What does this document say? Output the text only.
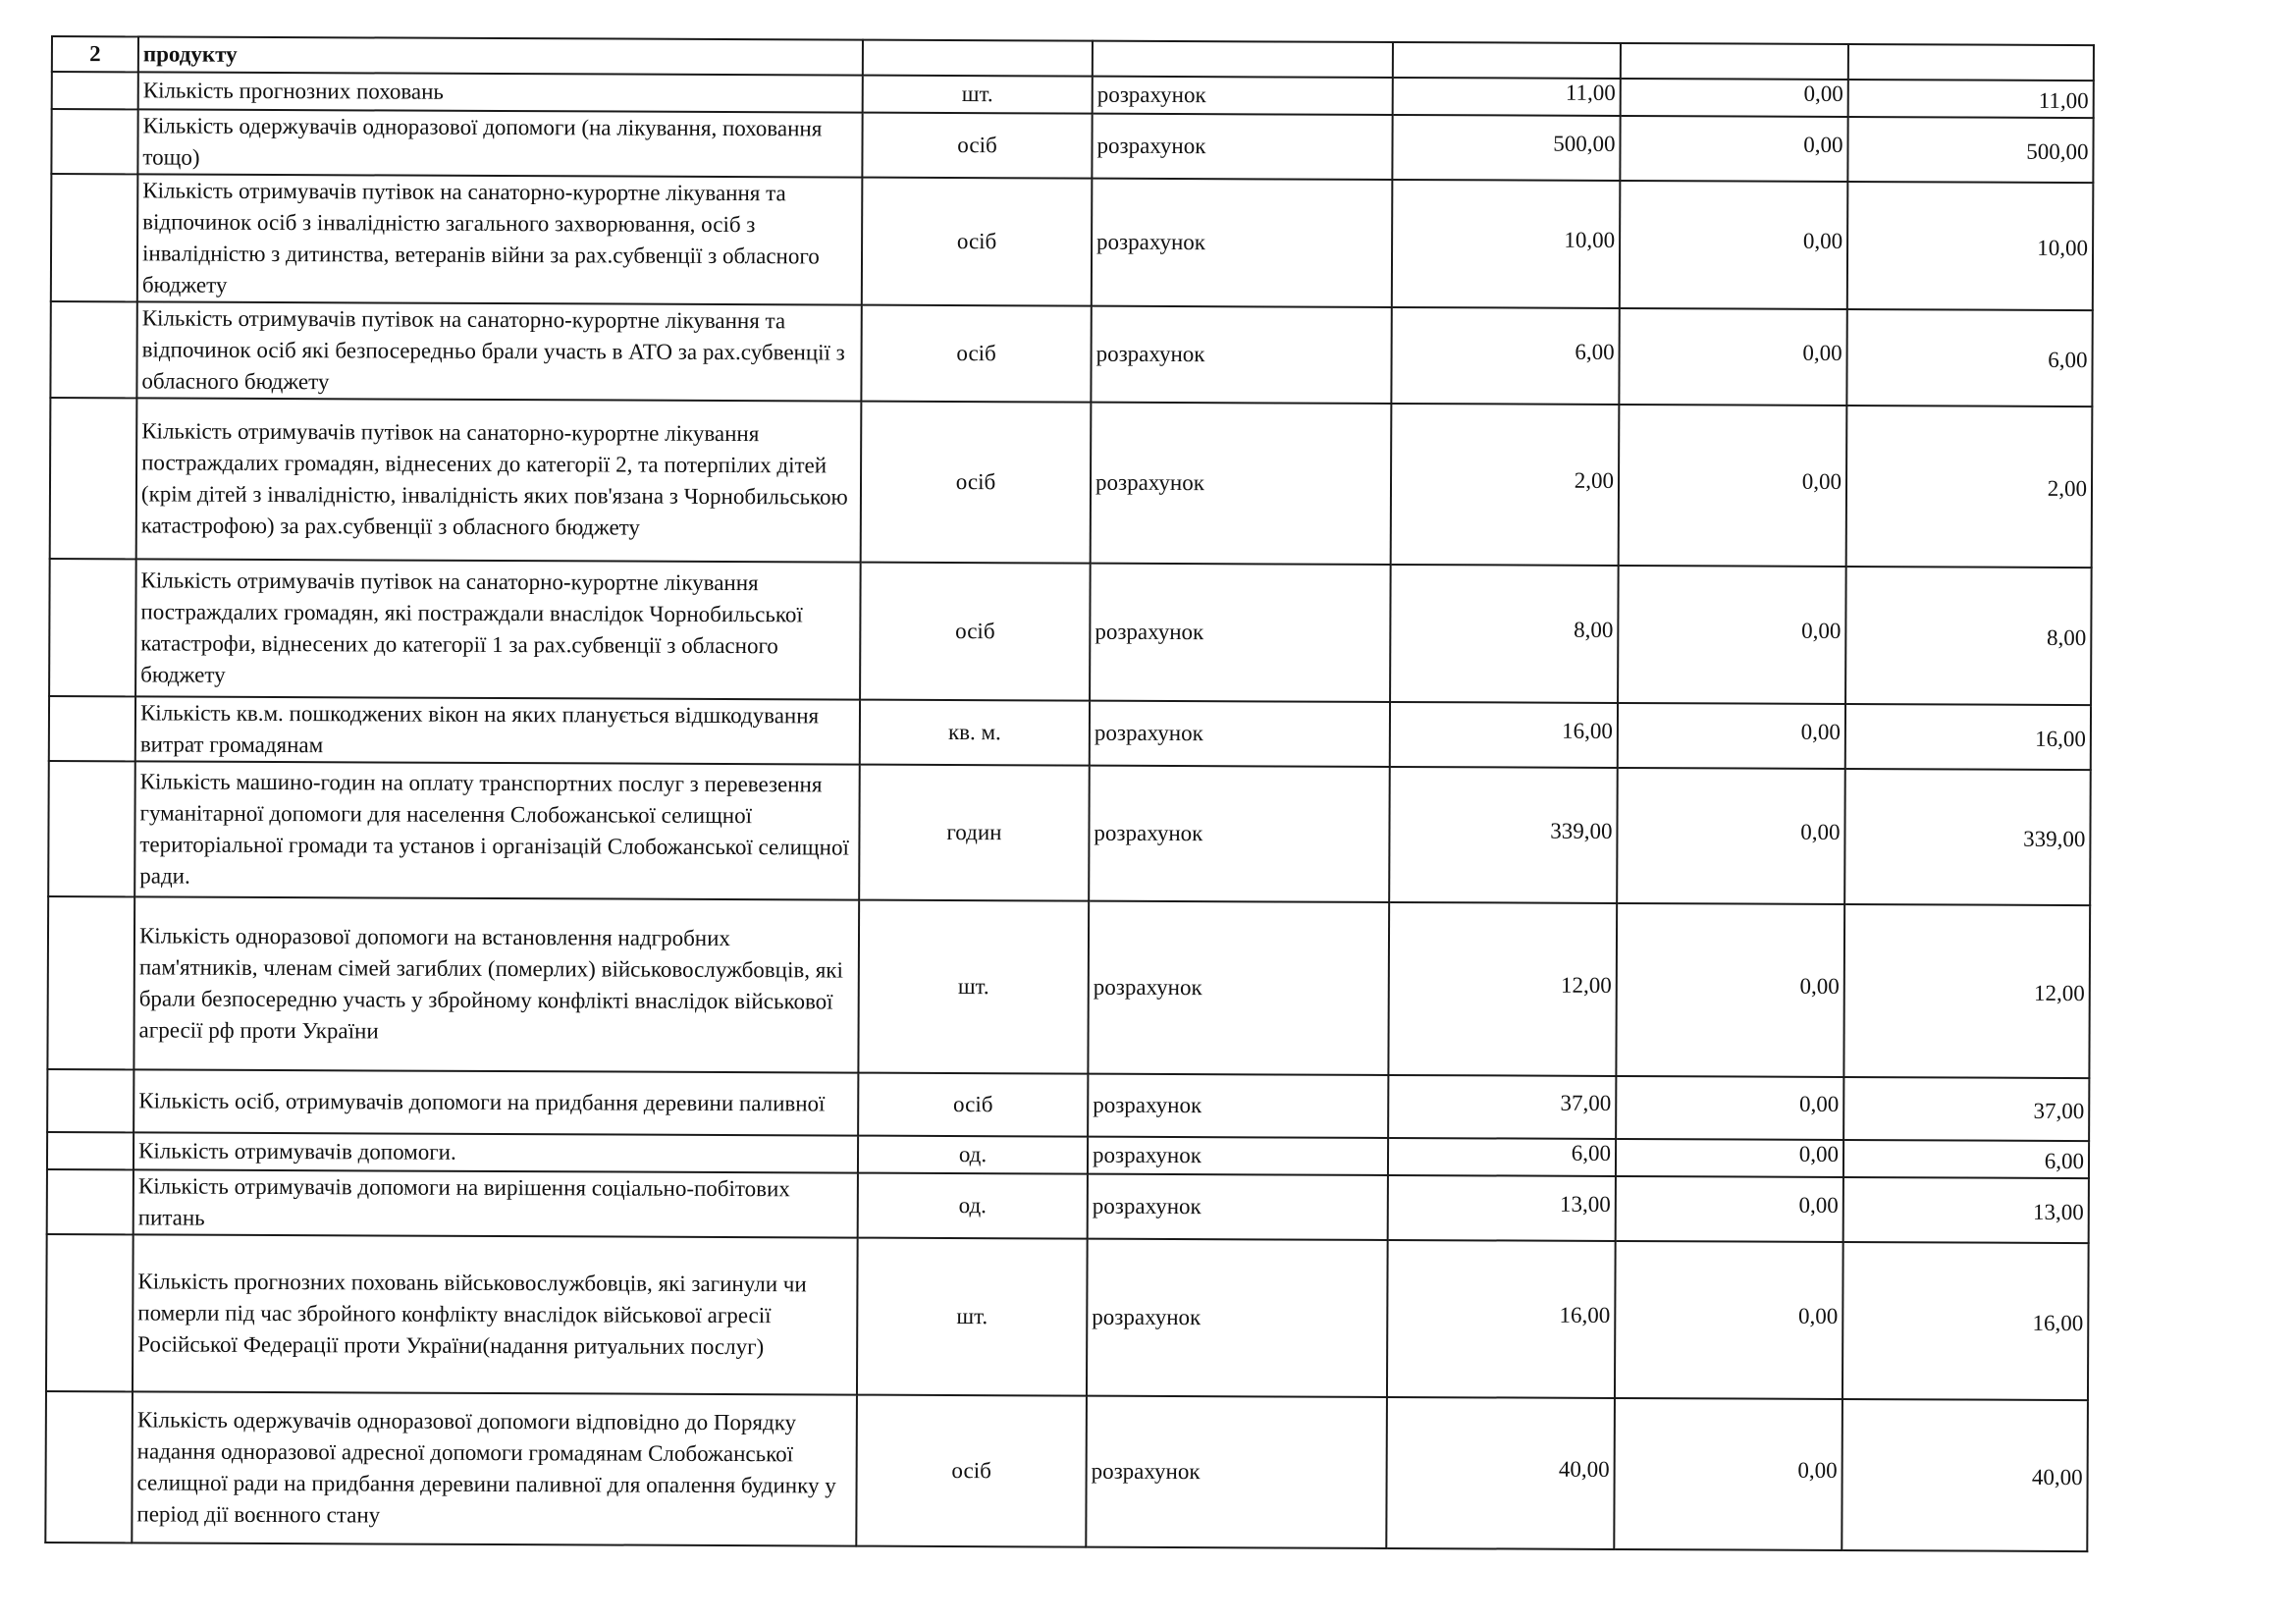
2	продукту					
	Кількість прогнозних поховань	шт.	розрахунок	11,00	0,00	11,00
	Кількість одержувачів одноразової допомоги (на лікування, поховання тощо)	осіб	розрахунок	500,00	0,00	500,00
	Кількість отримувачів путівок на санаторно-курортне лікування та відпочинок осіб з інвалідністю загального захворювання, осіб з інвалідністю з дитинства, ветеранів війни за рах.субвенції з обласного бюджету	осіб	розрахунок	10,00	0,00	10,00
	Кількість отримувачів путівок на санаторно-курортне лікування та відпочинок осіб які безпосередньо брали участь в АТО за рах.субвенції з обласного бюджету	осіб	розрахунок	6,00	0,00	6,00
	Кількість отримувачів путівок на санаторно-курортне лікування постраждалих громадян, віднесених до категорії 2, та потерпілих дітей (крім дітей з інвалідністю, інвалідність яких пов'язана з Чорнобильською катастрофою) за рах.субвенції з обласного бюджету	осіб	розрахунок	2,00	0,00	2,00
	Кількість отримувачів путівок на санаторно-курортне лікування постраждалих громадян, які постраждали внаслідок Чорнобильської катастрофи, віднесених до категорії 1 за рах.субвенції з обласного бюджету	осіб	розрахунок	8,00	0,00	8,00
	Кількість кв.м. пошкоджених вікон на яких планується відшкодування витрат громадянам	кв. м.	розрахунок	16,00	0,00	16,00
	Кількість машино-годин на оплату транспортних послуг з перевезення гуманітарної допомоги для населення Слобожанської селищної територіальної громади та установ і організацій Слобожанської селищної ради.	годин	розрахунок	339,00	0,00	339,00
	Кількість одноразової допомоги на встановлення надгробних пам'ятників, членам сімей загиблих (померлих) військовослужбовців, які брали безпосередню участь у збройному конфлікті внаслідок військової агресії рф проти України	шт.	розрахунок	12,00	0,00	12,00
	Кількість осіб, отримувачів допомоги на придбання деревини паливної	осіб	розрахунок	37,00	0,00	37,00
	Кількість отримувачів допомоги.	од.	розрахунок	6,00	0,00	6,00
	Кількість отримувачів допомоги на вирішення соціально-побітових питань	од.	розрахунок	13,00	0,00	13,00
	Кількість прогнозних поховань військовослужбовців, які загинули чи померли під час збройного конфлікту внаслідок військової агресії Російської Федерації проти України(надання ритуальних послуг)	шт.	розрахунок	16,00	0,00	16,00
	Кількість одержувачів одноразової допомоги відповідно до Порядку надання одноразової адресної допомоги громадянам Слобожанської селищної ради на придбання деревини паливної для опалення будинку у період дії воєнного стану	осіб	розрахунок	40,00	0,00	40,00
